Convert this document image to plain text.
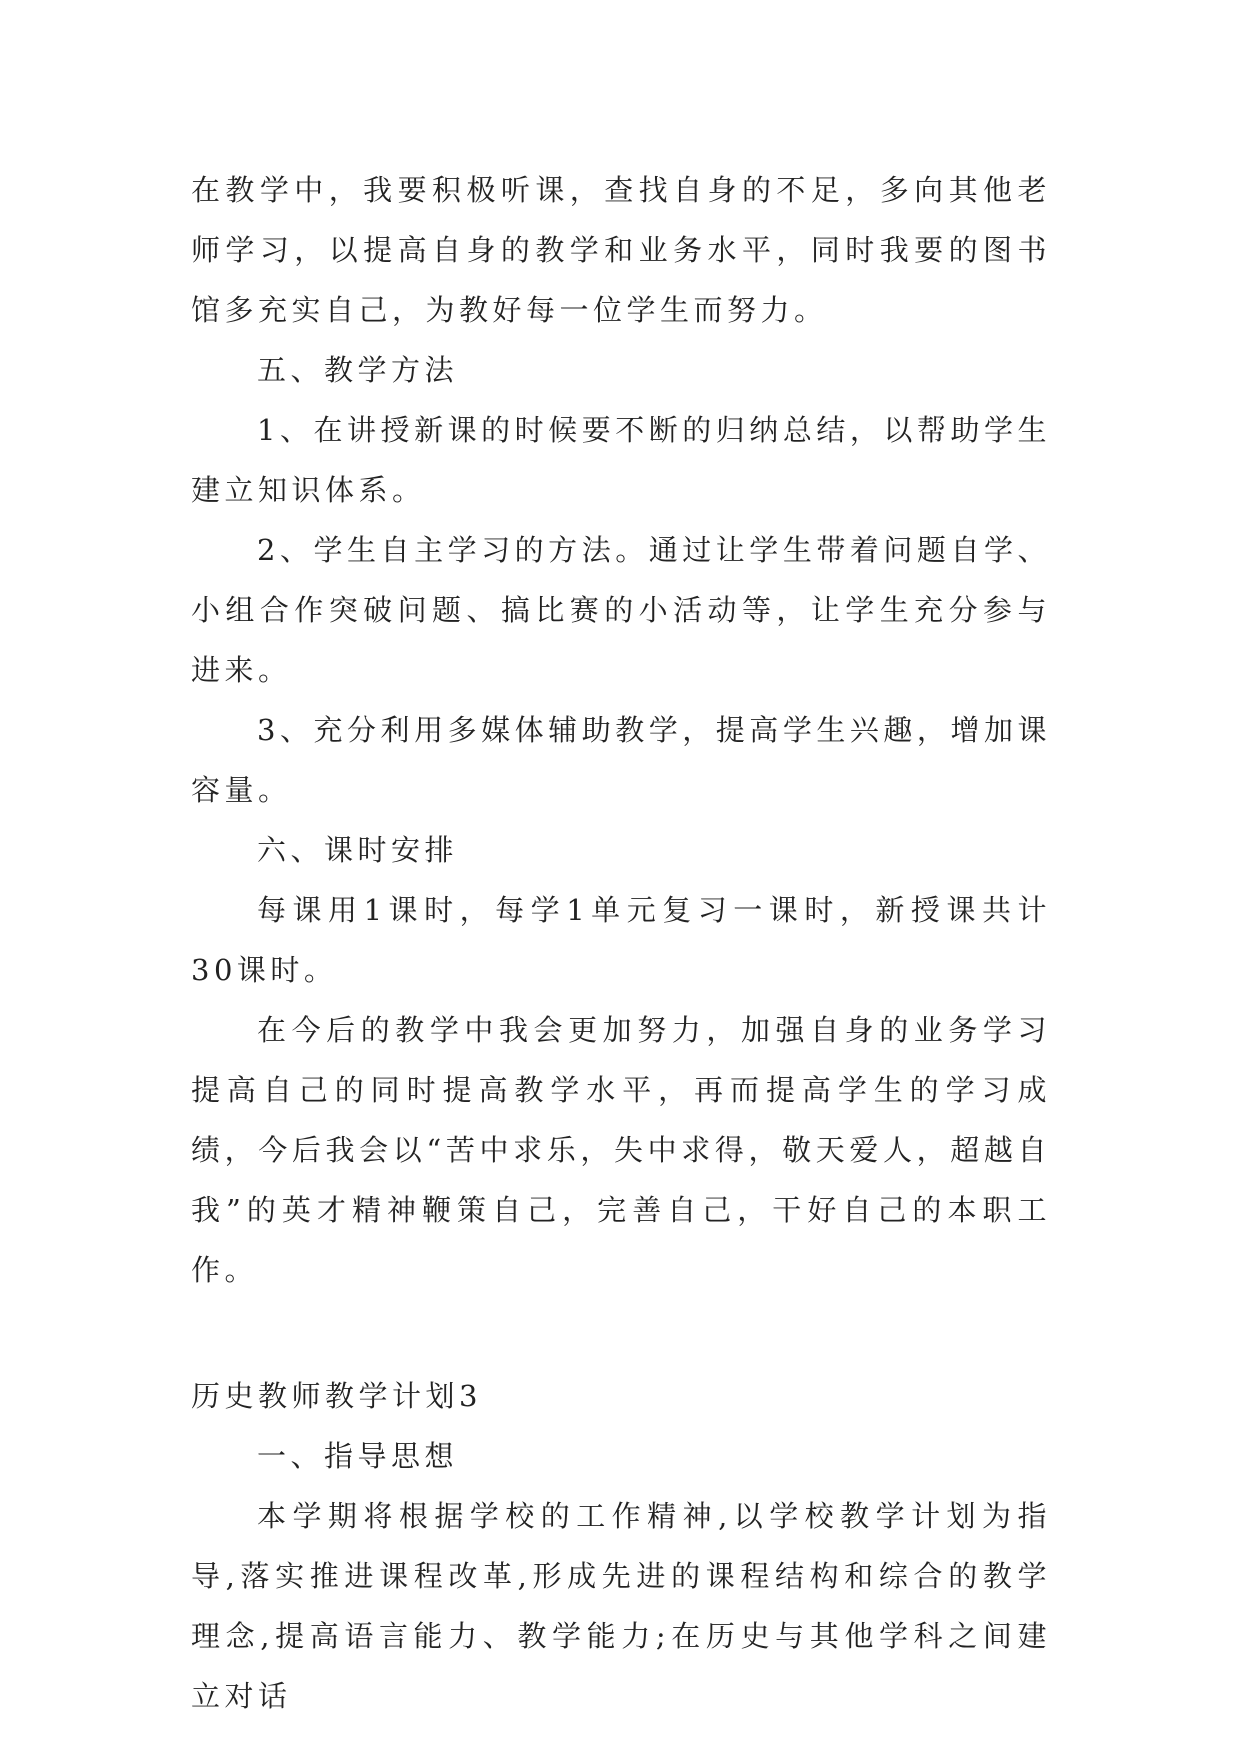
在教学中，我要积极听课，查找自身的不足，多向其他老师学习，以提高自身的教学和业务水平，同时我要的图书馆多充实自己，为教好每一位学生而努力。

五、教学方法

1、在讲授新课的时候要不断的归纳总结，以帮助学生建立知识体系。

2、学生自主学习的方法。通过让学生带着问题自学、小组合作突破问题、搞比赛的小活动等，让学生充分参与进来。

3、充分利用多媒体辅助教学，提高学生兴趣，增加课容量。

六、课时安排

每课用1课时，每学1单元复习一课时，新授课共计30课时。

在今后的教学中我会更加努力，加强自身的业务学习提高自己的同时提高教学水平，再而提高学生的学习成绩，今后我会以“苦中求乐，失中求得，敬天爱人，超越自我”的英才精神鞭策自己，完善自己，干好自己的本职工作。

历史教师教学计划3

一、指导思想

本学期将根据学校的工作精神,以学校教学计划为指导,落实推进课程改革,形成先进的课程结构和综合的教学理念,提高语言能力、教学能力;在历史与其他学科之间建立对话
